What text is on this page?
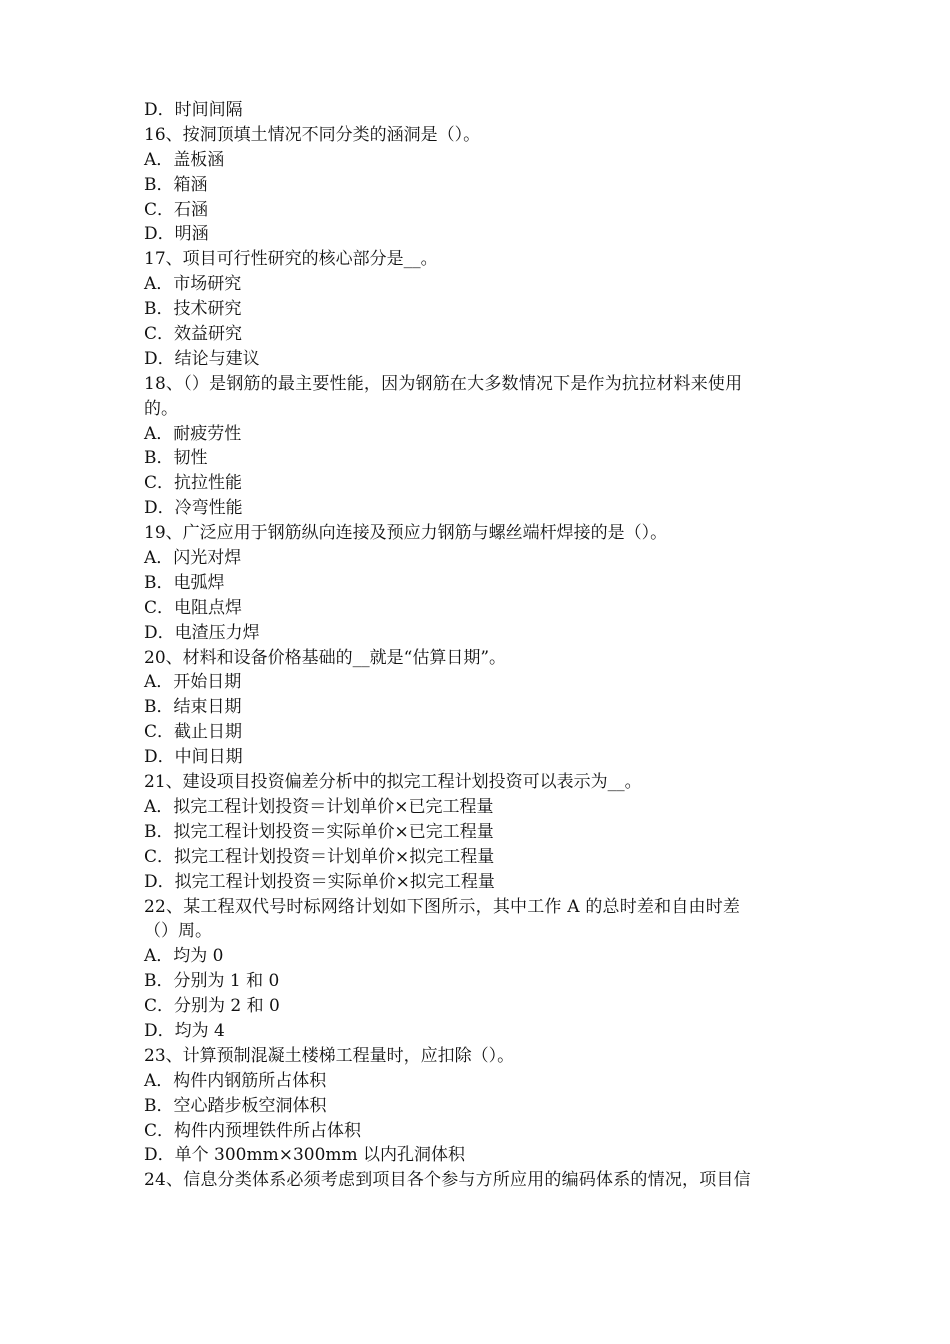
D．时间间隔
16、按洞顶填土情况不同分类的涵洞是（）。
A．盖板涵
B．箱涵
C．石涵
D．明涵
17、项目可行性研究的核心部分是__。
A．市场研究
B．技术研究
C．效益研究
D．结论与建议
18、（）是钢筋的最主要性能，因为钢筋在大多数情况下是作为抗拉材料来使用
的。
A．耐疲劳性
B．韧性
C．抗拉性能
D．冷弯性能
19、广泛应用于钢筋纵向连接及预应力钢筋与螺丝端杆焊接的是（）。
A．闪光对焊
B．电弧焊
C．电阻点焊
D．电渣压力焊
20、材料和设备价格基础的__就是“估算日期”。
A．开始日期
B．结束日期
C．截止日期
D．中间日期
21、建设项目投资偏差分析中的拟完工程计划投资可以表示为__。
A．拟完工程计划投资＝计划单价×已完工程量
B．拟完工程计划投资＝实际单价×已完工程量
C．拟完工程计划投资＝计划单价×拟完工程量
D．拟完工程计划投资＝实际单价×拟完工程量
22、某工程双代号时标网络计划如下图所示，其中工作 A 的总时差和自由时差
（）周。
A．均为 0
B．分别为 1 和 0
C．分别为 2 和 0
D．均为 4
23、计算预制混凝土楼梯工程量时，应扣除（）。
A．构件内钢筋所占体积
B．空心踏步板空洞体积
C．构件内预埋铁件所占体积
D．单个 300mm×300mm 以内孔洞体积
24、信息分类体系必须考虑到项目各个参与方所应用的编码体系的情况，项目信
